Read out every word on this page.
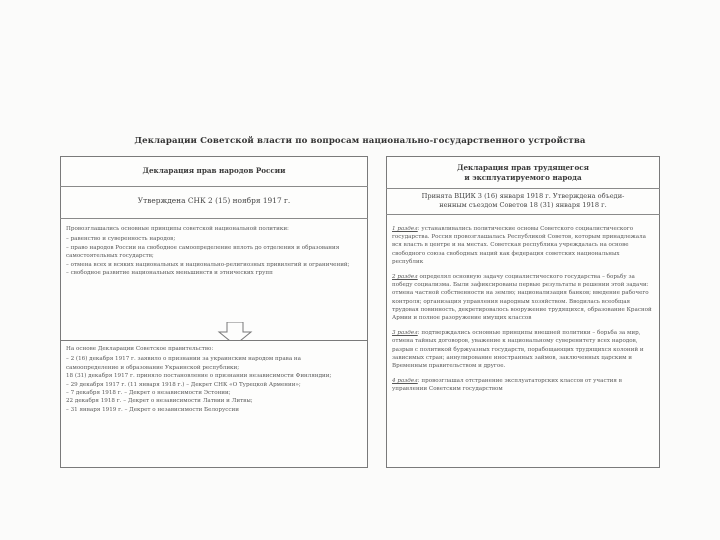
Декларации Советской власти по вопросам национально-государственного устройства
Декларация прав народов России
Утверждена СНК 2 (15) ноября 1917 г.

Провозглашались основные принципы советской национальной политики:

– равенство и суверенность народов;

– право народов России на свободное самоопределение вплоть до отделения и образования самостоятельных государств;

– отмена всех и всяких национальных и национально-религиозных привилегий и ограничений;

– свободное развитие национальных меньшинств и этнических групп

На основе Декларации Советское правительство:

– 2 (16) декабря 1917 г. заявило о признании за украинским народом права на самоопределение и образование Украинской республики;

18 (31) декабря 1917 г. приняло постановление о признании независимости Финляндии;

– 29 декабря 1917 г. (11 января 1918 г.) – Декрет СНК «О Турецкой Армении»;

– 7 декабря 1918 г. – Декрет о независимости Эстонии;

22 декабря 1918 г. – Декрет о независимости Латвии и Литвы;

– 31 января 1919 г. – Декрет о независимости Белоруссии

Декларация прав трудящегося
и эксплуатируемого народа
Принята ВЦИК 3 (16) января 1918 г. Утверждена объеди-
ненным съездом Советов 18 (31) января 1918 г.

1 раздел: устанавливались политические основы Советского социалистического государства. Россия провозглашалась Республикой Советов, которым принадлежала вся власть в центре и на местах. Советская республика учреждалась на основе свободного союза свободных наций как федерация советских национальных республик

2 раздел определял основную задачу социалистического государства – борьбу за победу социализма. Были зафиксированы первые результаты в решении этой задачи: отмена частной собственности на землю; национализация банков; введение рабочего контроля; организация управления народным хозяйством. Вводилась всеобщая трудовая повинность, декретировалось вооружение трудящихся, образование Красной Армии и полное разоружение имущих классов

3 раздел: подтверждались основные принципы внешней политики – борьба за мир, отмена тайных договоров, уважение к национальному суверенитету всех народов, разрыв с политикой буржуазных государств, порабощающих трудящихся колоний и зависимых стран; аннулирование иностранных займов, заключенных царским и Временным правительством и другое.

4 раздел: провозглашал отстранение эксплуататорских классов от участия в управлении Советским государством
